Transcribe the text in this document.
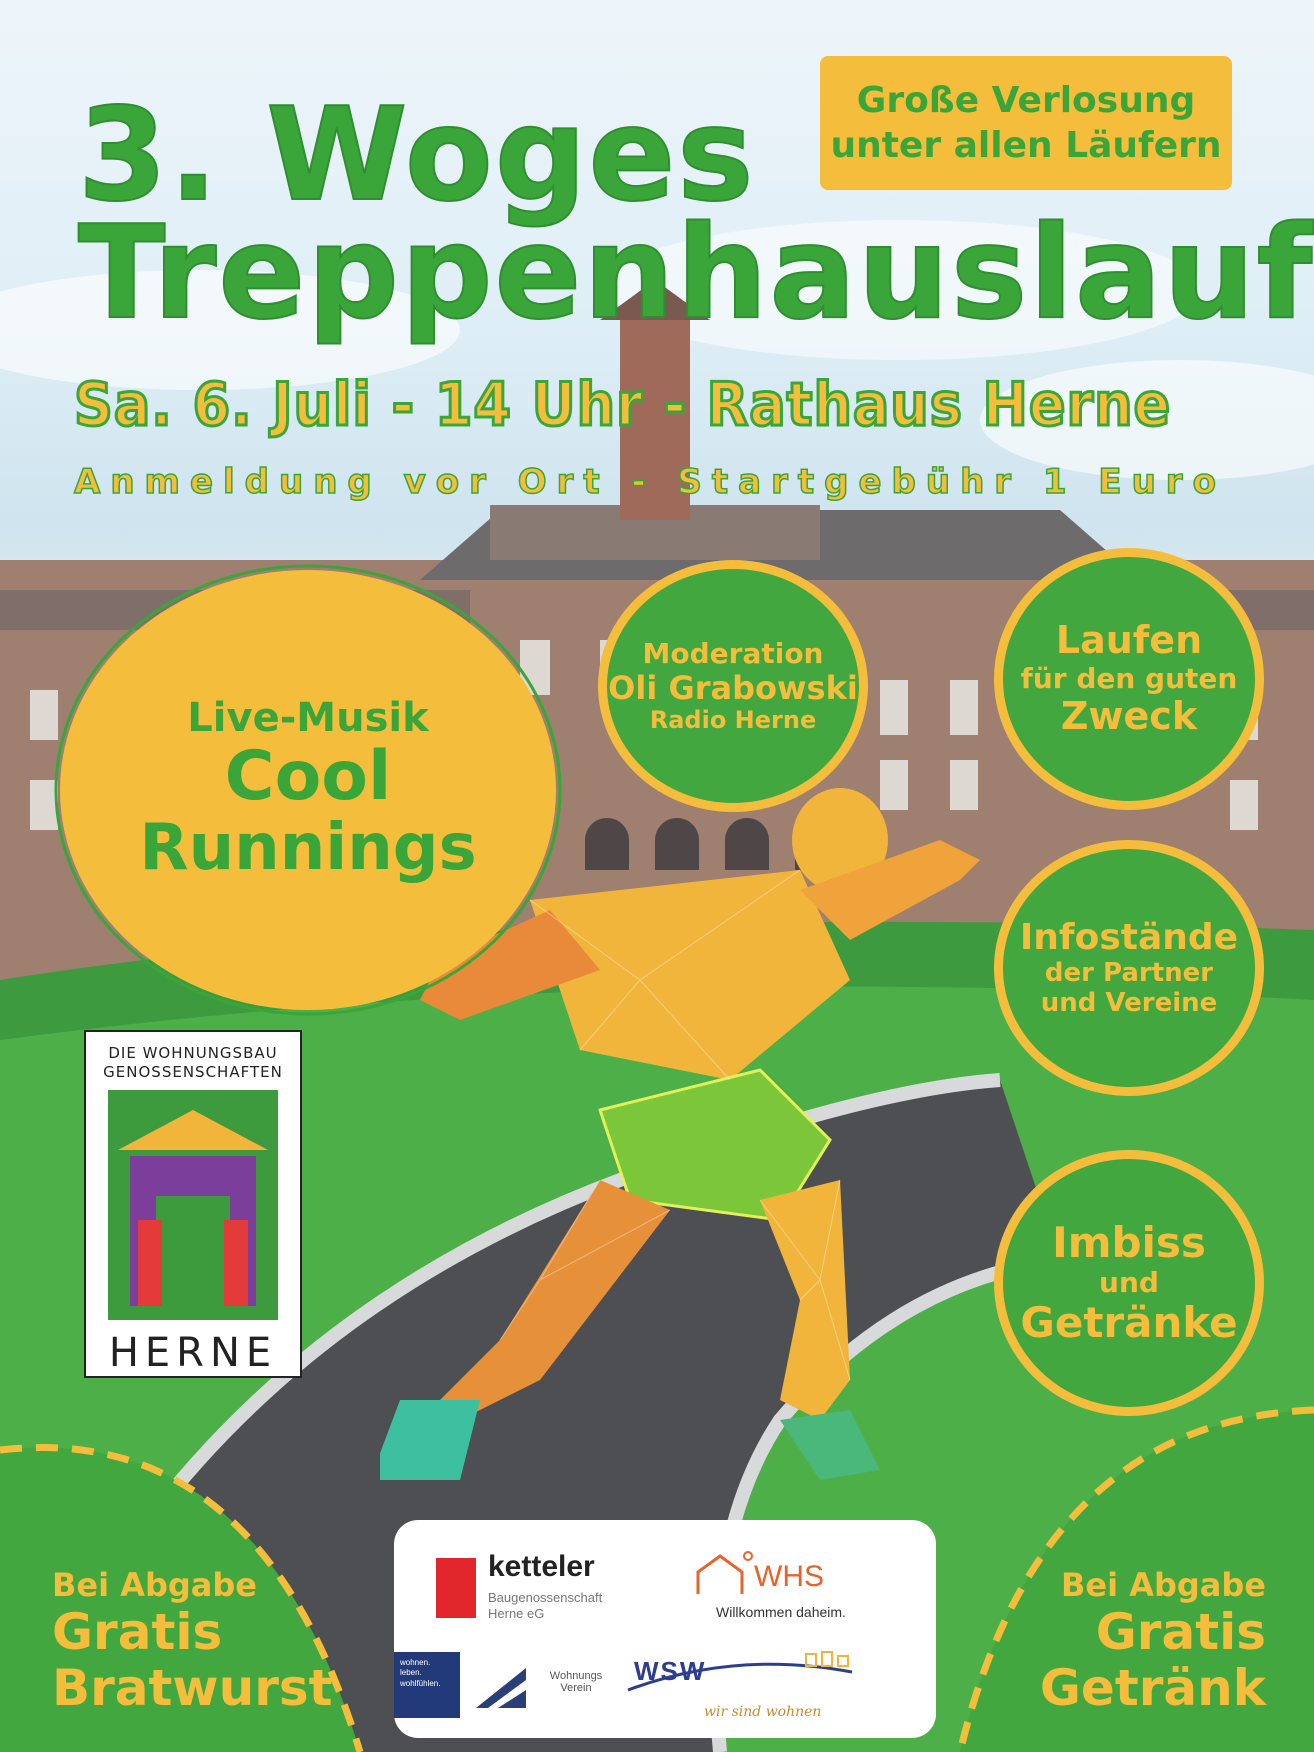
3. Woges
Treppenhauslauf
Große Verlosung
unter allen Läufern
Sa. 6. Juli - 14 Uhr - Rathaus Herne
Anmeldung vor Ort - Startgebühr 1 Euro
Live-Musik
Cool
Runnings
Moderation
Oli Grabowski
Radio Herne
Laufen
für den guten
Zweck
Infostände
der Partner
und Vereine
Imbiss
und
Getränke
DIE WOHNUNGSBAU
GENOSSENSCHAFTEN
HERNE
Bei Abgabe
Gratis
Bratwurst
Bei Abgabe
Gratis
Getränk
ketteler
Baugenossenschaft
Herne eG
WHS
Willkommen daheim.
wohnen.
leben.
wohlfühlen.
Wohnungs Verein
WSW
wir sind wohnen
